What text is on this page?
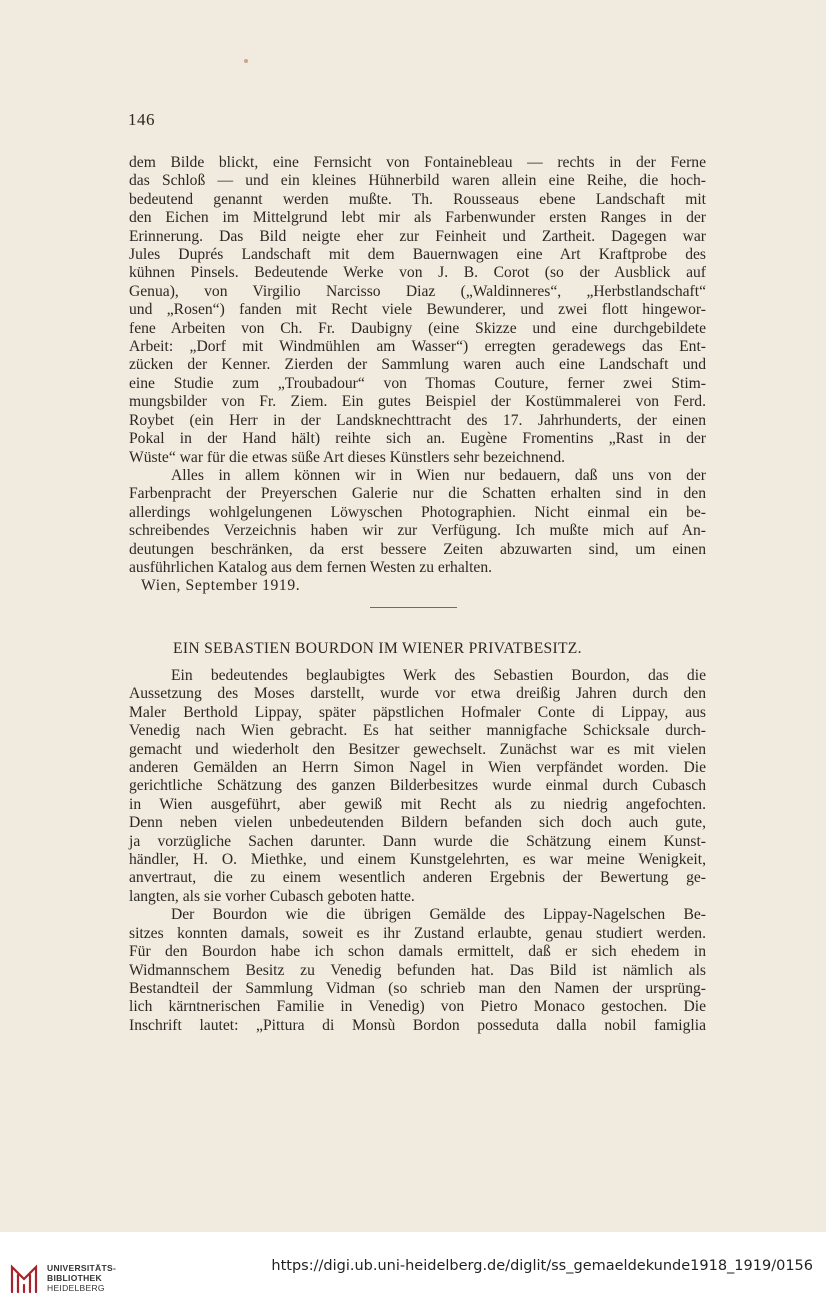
146

dem Bilde blickt, eine Fernsicht von Fontainebleau — rechts in der Ferne
das Schloß — und ein kleines Hühnerbild waren allein eine Reihe, die hoch-
bedeutend genannt werden mußte. Th. Rousseaus ebene Landschaft mit
den Eichen im Mittelgrund lebt mir als Farbenwunder ersten Ranges in der
Erinnerung. Das Bild neigte eher zur Feinheit und Zartheit. Dagegen war
Jules Duprés Landschaft mit dem Bauernwagen eine Art Kraftprobe des
kühnen Pinsels. Bedeutende Werke von J. B. Corot (so der Ausblick auf
Genua), von Virgilio Narcisso Diaz („Waldinneres“, „Herbstlandschaft“
und „Rosen“) fanden mit Recht viele Bewunderer, und zwei flott hingewor-
fene Arbeiten von Ch. Fr. Daubigny (eine Skizze und eine durchgebildete
Arbeit: „Dorf mit Windmühlen am Wasser“) erregten geradewegs das Ent-
zücken der Kenner. Zierden der Sammlung waren auch eine Landschaft und
eine Studie zum „Troubadour“ von Thomas Couture, ferner zwei Stim-
mungsbilder von Fr. Ziem. Ein gutes Beispiel der Kostümmalerei von Ferd.
Roybet (ein Herr in der Landsknechttracht des 17. Jahrhunderts, der einen
Pokal in der Hand hält) reihte sich an. Eugène Fromentins „Rast in der
Wüste“ war für die etwas süße Art dieses Künstlers sehr bezeichnend.

Alles in allem können wir in Wien nur bedauern, daß uns von der
Farbenpracht der Preyerschen Galerie nur die Schatten erhalten sind in den
allerdings wohlgelungenen Löwyschen Photographien. Nicht einmal ein be-
schreibendes Verzeichnis haben wir zur Verfügung. Ich mußte mich auf An-
deutungen beschränken, da erst bessere Zeiten abzuwarten sind, um einen
ausführlichen Katalog aus dem fernen Westen zu erhalten.

Wien, September 1919.

EIN SEBASTIEN BOURDON IM WIENER PRIVATBESITZ.

Ein bedeutendes beglaubigtes Werk des Sebastien Bourdon, das die
Aussetzung des Moses darstellt, wurde vor etwa dreißig Jahren durch den
Maler Berthold Lippay, später päpstlichen Hofmaler Conte di Lippay, aus
Venedig nach Wien gebracht. Es hat seither mannigfache Schicksale durch-
gemacht und wiederholt den Besitzer gewechselt. Zunächst war es mit vielen
anderen Gemälden an Herrn Simon Nagel in Wien verpfändet worden. Die
gerichtliche Schätzung des ganzen Bilderbesitzes wurde einmal durch Cubasch
in Wien ausgeführt, aber gewiß mit Recht als zu niedrig angefochten.
Denn neben vielen unbedeutenden Bildern befanden sich doch auch gute,
ja vorzügliche Sachen darunter. Dann wurde die Schätzung einem Kunst-
händler, H. O. Miethke, und einem Kunstgelehrten, es war meine Wenigkeit,
anvertraut, die zu einem wesentlich anderen Ergebnis der Bewertung ge-
langten, als sie vorher Cubasch geboten hatte.

Der Bourdon wie die übrigen Gemälde des Lippay-Nagelschen Be-
sitzes konnten damals, soweit es ihr Zustand erlaubte, genau studiert werden.
Für den Bourdon habe ich schon damals ermittelt, daß er sich ehedem in
Widmannschem Besitz zu Venedig befunden hat. Das Bild ist nämlich als
Bestandteil der Sammlung Vidman (so schrieb man den Namen der ursprüng-
lich kärntnerischen Familie in Venedig) von Pietro Monaco gestochen. Die
Inschrift lautet: „Pittura di Monsù Bordon posseduta dalla nobil famiglia

UNIVERSITÄTS-
BIBLIOTHEK
HEIDELBERG
https://digi.ub.uni-heidelberg.de/diglit/ss_gemaeldekunde1918_1919/0156
